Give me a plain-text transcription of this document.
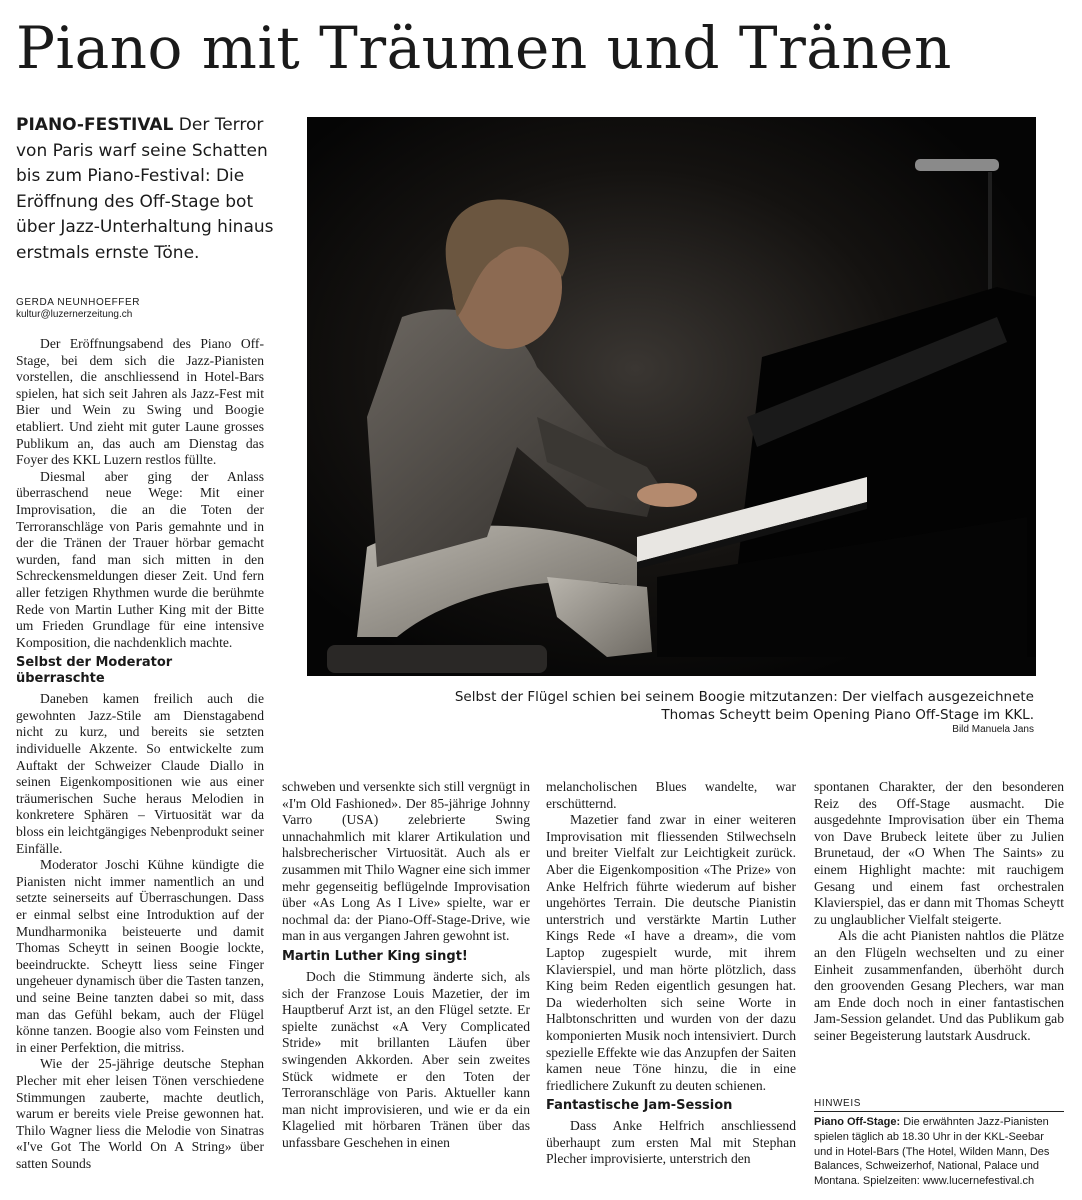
Piano mit Träumen und Tränen

PIANO-FESTIVAL Der Terror von Paris warf seine Schatten bis zum Piano-Festival: Die Eröffnung des Off-Stage bot über Jazz-Unterhaltung hinaus erstmals ernste Töne.

GERDA NEUNHOEFFER
kultur@luzernerzeitung.ch

Der Eröffnungsabend des Piano Off-Stage, bei dem sich die Jazz-Pianisten vorstellen, die anschliessend in Hotel-Bars spielen, hat sich seit Jahren als Jazz-Fest mit Bier und Wein zu Swing und Boogie etabliert. Und zieht mit guter Laune grosses Publikum an, das auch am Dienstag das Foyer des KKL Luzern restlos füllte.

Diesmal aber ging der Anlass überraschend neue Wege: Mit einer Improvisation, die an die Toten der Terroranschläge von Paris gemahnte und in der die Tränen der Trauer hörbar gemacht wurden, fand man sich mitten in den Schreckensmeldungen dieser Zeit. Und fern aller fetzigen Rhythmen wurde die berühmte Rede von Martin Luther King mit der Bitte um Frieden Grundlage für eine intensive Komposition, die nachdenklich machte.

Selbst der Moderator überraschte

Daneben kamen freilich auch die gewohnten Jazz-Stile am Dienstagabend nicht zu kurz, und bereits sie setzten individuelle Akzente. So entwickelte zum Auftakt der Schweizer Claude Diallo in seinen Eigenkompositionen wie aus einer träumerischen Suche heraus Melodien in konkretere Sphären – Virtuosität war da bloss ein leichtgängiges Nebenprodukt seiner Einfälle.

Moderator Joschi Kühne kündigte die Pianisten nicht immer namentlich an und setzte seinerseits auf Überraschungen. Dass er einmal selbst eine Introduktion auf der Mundharmonika beisteuerte und damit Thomas Scheytt in seinen Boogie lockte, beeindruckte. Scheytt liess seine Finger ungeheuer dynamisch über die Tasten tanzen, und seine Beine tanzten dabei so mit, dass man das Gefühl bekam, auch der Flügel könne tanzen. Boogie also vom Feinsten und in einer Perfektion, die mitriss.

Wie der 25-jährige deutsche Stephan Plecher mit eher leisen Tönen verschiedene Stimmungen zauberte, machte deutlich, warum er bereits viele Preise gewonnen hat. Thilo Wagner liess die Melodie von Sinatras «I've Got The World On A String» über satten Sounds

schweben und versenkte sich still vergnügt in «I'm Old Fashioned». Der 85-jährige Johnny Varro (USA) zelebrierte Swing unnachahmlich mit klarer Artikulation und halsbrecherischer Virtuosität. Auch als er zusammen mit Thilo Wagner eine sich immer mehr gegenseitig beflügelnde Improvisation über «As Long As I Live» spielte, war er nochmal da: der Piano-Off-Stage-Drive, wie man in aus vergangen Jahren gewohnt ist.

Martin Luther King singt!

Doch die Stimmung änderte sich, als sich der Franzose Louis Mazetier, der im Hauptberuf Arzt ist, an den Flügel setzte. Er spielte zunächst «A Very Complicated Stride» mit brillanten Läufen über swingenden Akkorden. Aber sein zweites Stück widmete er den Toten der Terroranschläge von Paris. Aktueller kann man nicht improvisieren, und wie er da ein Klagelied mit hörbaren Tränen über das unfassbare Geschehen in einen

melancholischen Blues wandelte, war erschütternd.

Mazetier fand zwar in einer weiteren Improvisation mit fliessenden Stilwechseln und breiter Vielfalt zur Leichtigkeit zurück. Aber die Eigenkomposition «The Prize» von Anke Helfrich führte wiederum auf bisher ungehörtes Terrain. Die deutsche Pianistin unterstrich und verstärkte Martin Luther Kings Rede «I have a dream», die vom Laptop zugespielt wurde, mit ihrem Klavierspiel, und man hörte plötzlich, dass King beim Reden eigentlich gesungen hat. Da wiederholten sich seine Worte in Halbtonschritten und wurden von der dazu komponierten Musik noch intensiviert. Durch spezielle Effekte wie das Anzupfen der Saiten kamen neue Töne hinzu, die in eine friedlichere Zukunft zu deuten schienen.

Fantastische Jam-Session

Dass Anke Helfrich anschliessend überhaupt zum ersten Mal mit Stephan Plecher improvisierte, unterstrich den

spontanen Charakter, der den besonderen Reiz des Off-Stage ausmacht. Die ausgedehnte Improvisation über ein Thema von Dave Brubeck leitete über zu Julien Brunetaud, der «O When The Saints» zu einem Highlight machte: mit rauchigem Gesang und einem fast orchestralen Klavierspiel, das er dann mit Thomas Scheytt zu unglaublicher Vielfalt steigerte.

Als die acht Pianisten nahtlos die Plätze an den Flügeln wechselten und zu einer Einheit zusammenfanden, überhöht durch den groovenden Gesang Plechers, war man am Ende doch noch in einer fantastischen Jam-Session gelandet. Und das Publikum gab seiner Begeisterung lautstark Ausdruck.

Selbst der Flügel schien bei seinem Boogie mitzutanzen: Der vielfach ausgezeichnete Thomas Scheytt beim Opening Piano Off-Stage im KKL.
Bild Manuela Jans
HINWEIS

Piano Off-Stage: Die erwähnten Jazz-Pianisten spielen täglich ab 18.30 Uhr in der KKL-Seebar und in Hotel-Bars (The Hotel, Wilden Mann, Des Balances, Schweizerhof, National, Palace und Montana. Spielzeiten: www.lucernefestival.ch
